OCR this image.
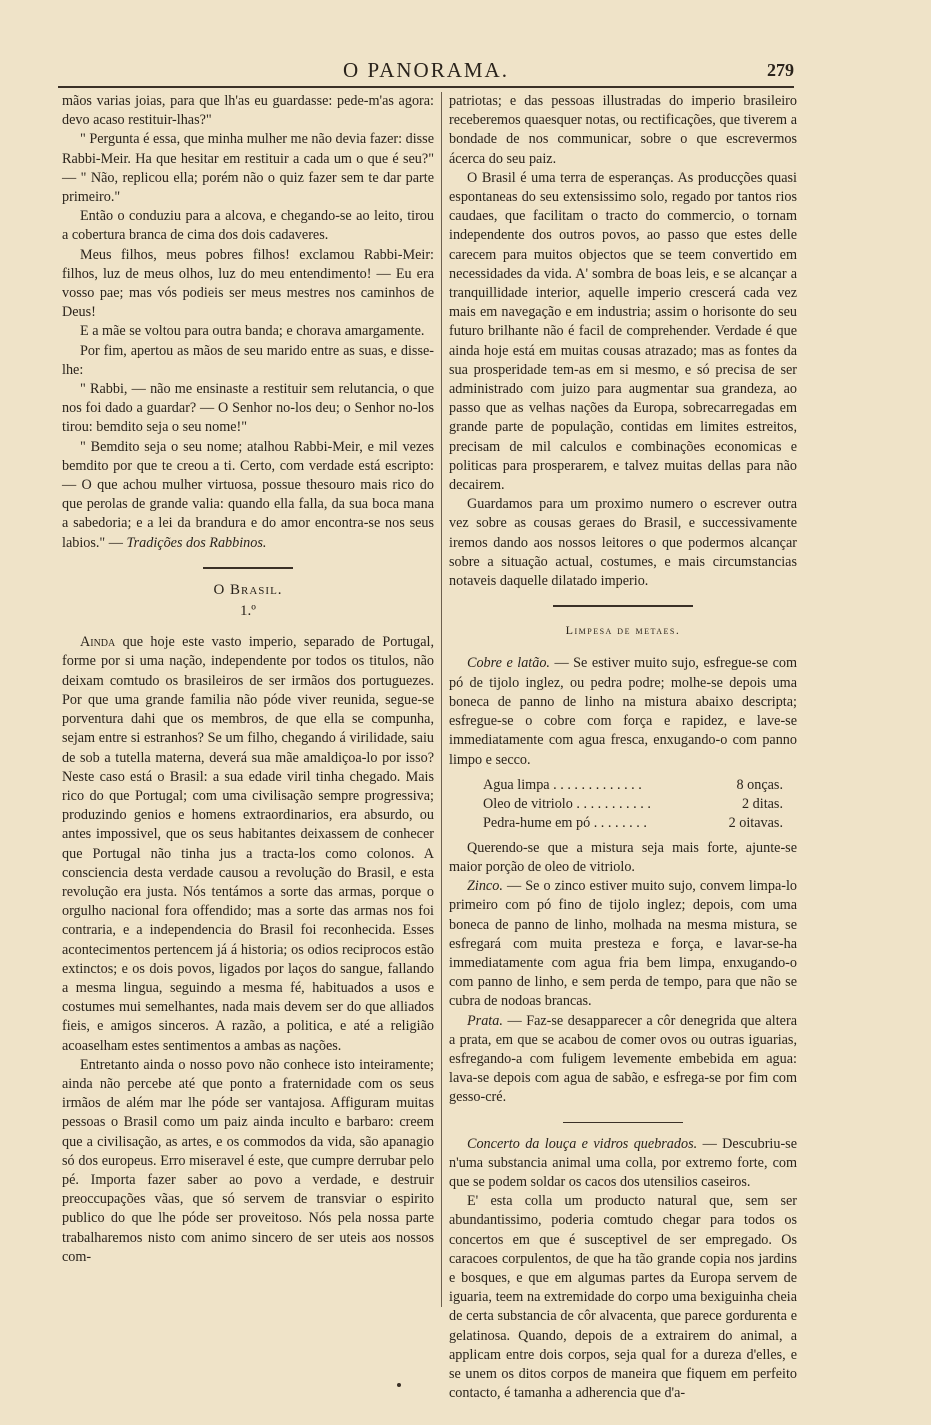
O PANORAMA.	279

mãos varias joias, para que lh'as eu guardasse: pede-m'as agora: devo acaso restituir-lhas?"

" Pergunta é essa, que minha mulher me não devia fazer: disse Rabbi-Meir. Ha que hesitar em restituir a cada um o que é seu?" — " Não, replicou ella; porém não o quiz fazer sem te dar parte primeiro."

Então o conduziu para a alcova, e chegando-se ao leito, tirou a cobertura branca de cima dos dois cadaveres.

Meus filhos, meus pobres filhos! exclamou Rabbi-Meir: filhos, luz de meus olhos, luz do meu entendimento! — Eu era vosso pae; mas vós podieis ser meus mestres nos caminhos de Deus!

E a mãe se voltou para outra banda; e chorava amargamente.

Por fim, apertou as mãos de seu marido entre as suas, e disse-lhe:

" Rabbi, — não me ensinaste a restituir sem relutancia, o que nos foi dado a guardar? — O Senhor no-los deu; o Senhor no-los tirou: bemdito seja o seu nome!"

" Bemdito seja o seu nome; atalhou Rabbi-Meir, e mil vezes bemdito por que te creou a ti. Certo, com verdade está escripto: — O que achou mulher virtuosa, possue thesouro mais rico do que perolas de grande valia: quando ella falla, da sua boca mana a sabedoria; e a lei da brandura e do amor encontra-se nos seus labios." — Tradições dos Rabbinos.

O Brasil.
1.º

Ainda que hoje este vasto imperio, separado de Portugal, forme por si uma nação, independente por todos os titulos, não deixam comtudo os brasileiros de ser irmãos dos portuguezes. Por que uma grande familia não póde viver reunida, segue-se porventura dahi que os membros, de que ella se compunha, sejam entre si estranhos? Se um filho, chegando á virilidade, saiu de sob a tutella materna, deverá sua mãe amaldiçoa-lo por isso? Neste caso está o Brasil: a sua edade viril tinha chegado. Mais rico do que Portugal; com uma civilisação sempre progressiva; produzindo genios e homens extraordinarios, era absurdo, ou antes impossivel, que os seus habitantes deixassem de conhecer que Portugal não tinha jus a tracta-los como colonos. A consciencia desta verdade causou a revolução do Brasil, e esta revolução era justa. Nós tentámos a sorte das armas, porque o orgulho nacional fora offendido; mas a sorte das armas nos foi contraria, e a independencia do Brasil foi reconhecida. Esses acontecimentos pertencem já á historia; os odios reciprocos estão extinctos; e os dois povos, ligados por laços do sangue, fallando a mesma lingua, seguindo a mesma fé, habituados a usos e costumes mui semelhantes, nada mais devem ser do que alliados fieis, e amigos sinceros. A razão, a politica, e até a religião acoaselham estes sentimentos a ambas as nações.

Entretanto ainda o nosso povo não conhece isto inteiramente; ainda não percebe até que ponto a fraternidade com os seus irmãos de além mar lhe póde ser vantajosa. Affiguram muitas pessoas o Brasil como um paiz ainda inculto e barbaro: creem que a civilisação, as artes, e os commodos da vida, são apanagio só dos europeus. Erro miseravel é este, que cumpre derrubar pelo pé. Importa fazer saber ao povo a verdade, e destruir preoccupações vãas, que só servem de transviar o espirito publico do que lhe póde ser proveitoso. Nós pela nossa parte trabalharemos nisto com animo sincero de ser uteis aos nossos com-

patriotas; e das pessoas illustradas do imperio brasileiro receberemos quaesquer notas, ou rectificações, que tiverem a bondade de nos communicar, sobre o que escrevermos ácerca do seu paiz.

O Brasil é uma terra de esperanças. As producções quasi espontaneas do seu extensissimo solo, regado por tantos rios caudaes, que facilitam o tracto do commercio, o tornam independente dos outros povos, ao passo que estes delle carecem para muitos objectos que se teem convertido em necessidades da vida. A' sombra de boas leis, e se alcançar a tranquillidade interior, aquelle imperio crescerá cada vez mais em navegação e em industria; assim o horisonte do seu futuro brilhante não é facil de comprehender. Verdade é que ainda hoje está em muitas cousas atrazado; mas as fontes da sua prosperidade tem-as em si mesmo, e só precisa de ser administrado com juizo para augmentar sua grandeza, ao passo que as velhas nações da Europa, sobrecarregadas em grande parte de população, contidas em limites estreitos, precisam de mil calculos e combinações economicas e politicas para prosperarem, e talvez muitas dellas para não decairem.

Guardamos para um proximo numero o escrever outra vez sobre as cousas geraes do Brasil, e successivamente iremos dando aos nossos leitores o que podermos alcançar sobre a situação actual, costumes, e mais circumstancias notaveis daquelle dilatado imperio.

Limpesa de metaes.

Cobre e latão. — Se estiver muito sujo, esfregue-se com pó de tijolo inglez, ou pedra podre; molhe-se depois uma boneca de panno de linho na mistura abaixo descripta; esfregue-se o cobre com força e rapidez, e lave-se immediatamente com agua fresca, enxugando-o com panno limpo e secco.

Agua limpa . . . . . . . . . . . . .	8 onças.
Oleo de vitriolo . . . . . . . . . . .	2 ditas.
Pedra-hume em pó . . . . . . . .	2 oitavas.

Querendo-se que a mistura seja mais forte, ajunte-se maior porção de oleo de vitriolo.

Zinco. — Se o zinco estiver muito sujo, convem limpa-lo primeiro com pó fino de tijolo inglez; depois, com uma boneca de panno de linho, molhada na mesma mistura, se esfregará com muita presteza e força, e lavar-se-ha immediatamente com agua fria bem limpa, enxugando-o com panno de linho, e sem perda de tempo, para que não se cubra de nodoas brancas.

Prata. — Faz-se desapparecer a côr denegrida que altera a prata, em que se acabou de comer ovos ou outras iguarias, esfregando-a com fuligem levemente embebida em agua: lava-se depois com agua de sabão, e esfrega-se por fim com gesso-cré.

Concerto da louça e vidros quebrados. — Descubriu-se n'uma substancia animal uma colla, por extremo forte, com que se podem soldar os cacos dos utensilios caseiros.

E' esta colla um producto natural que, sem ser abundantissimo, poderia comtudo chegar para todos os concertos em que é susceptivel de ser empregado. Os caracoes corpulentos, de que ha tão grande copia nos jardins e bosques, e que em algumas partes da Europa servem de iguaria, teem na extremidade do corpo uma bexiguinha cheia de certa substancia de côr alvacenta, que parece gordurenta e gelatinosa. Quando, depois de a extrairem do animal, a applicam entre dois corpos, seja qual for a dureza d'elles, e se unem os ditos corpos de maneira que fiquem em perfeito contacto, é tamanha a adherencia que d'a-
